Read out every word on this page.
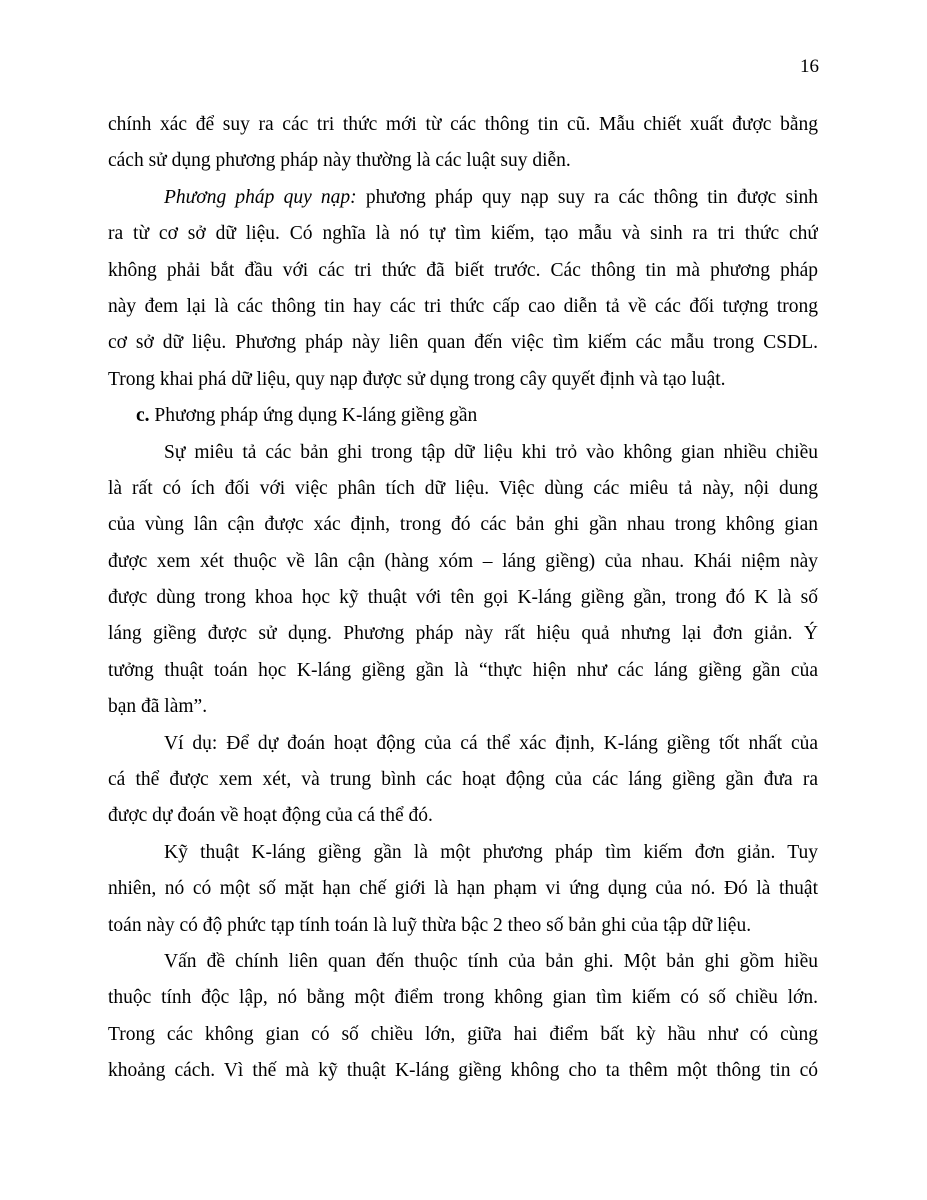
16
chính xác để suy ra các tri thức mới từ các thông tin cũ. Mẫu chiết xuất được bằng
cách sử dụng phương pháp này thường là các luật suy diễn.
Phương pháp quy nạp: phương pháp quy nạp suy ra các thông tin được sinh
ra từ cơ sở dữ liệu. Có nghĩa là nó tự tìm kiếm, tạo mẫu và sinh ra tri thức chứ
không phải bắt đầu với các tri thức đã biết trước. Các thông tin mà phương pháp
này đem lại là các thông tin hay các tri thức cấp cao diễn tả về các đối tượng trong
cơ sở dữ liệu. Phương pháp này liên quan đến việc tìm kiếm các mẫu trong CSDL.
Trong khai phá dữ liệu, quy nạp được sử dụng trong cây quyết định và tạo luật.
c. Phương pháp ứng dụng K-láng giềng gần
Sự miêu tả các bản ghi trong tập dữ liệu khi trỏ vào không gian nhiều chiều
là rất có ích đối với việc phân tích dữ liệu. Việc dùng các miêu tả này, nội dung
của vùng lân cận được xác định, trong đó các bản ghi gần nhau trong không gian
được xem xét thuộc về lân cận (hàng xóm – láng giềng) của nhau. Khái niệm này
được dùng trong khoa học kỹ thuật với tên gọi K-láng giềng gần, trong đó K là số
láng giềng được sử dụng. Phương pháp này rất hiệu quả nhưng lại đơn giản. Ý
tưởng thuật toán học K-láng giềng gần là “thực hiện như các láng giềng gần của
bạn đã làm”.
Ví dụ: Để dự đoán hoạt động của cá thể xác định, K-láng giềng tốt nhất của
cá thể được xem xét, và trung bình các hoạt động của các láng giềng gần đưa ra
được dự đoán về hoạt động của cá thể đó.
Kỹ thuật K-láng giềng gần là một phương pháp tìm kiếm đơn giản. Tuy
nhiên, nó có một số mặt hạn chế giới là hạn phạm vi ứng dụng của nó. Đó là thuật
toán này có độ phức tạp tính toán là luỹ thừa bậc 2 theo số bản ghi của tập dữ liệu.
Vấn đề chính liên quan đến thuộc tính của bản ghi. Một bản ghi gồm hiều
thuộc tính độc lập, nó bằng một điểm trong không gian tìm kiếm có số chiều lớn.
Trong các không gian có số chiều lớn, giữa hai điểm bất kỳ hầu như có cùng
khoảng cách. Vì thế mà kỹ thuật K-láng giềng không cho ta thêm một thông tin có
